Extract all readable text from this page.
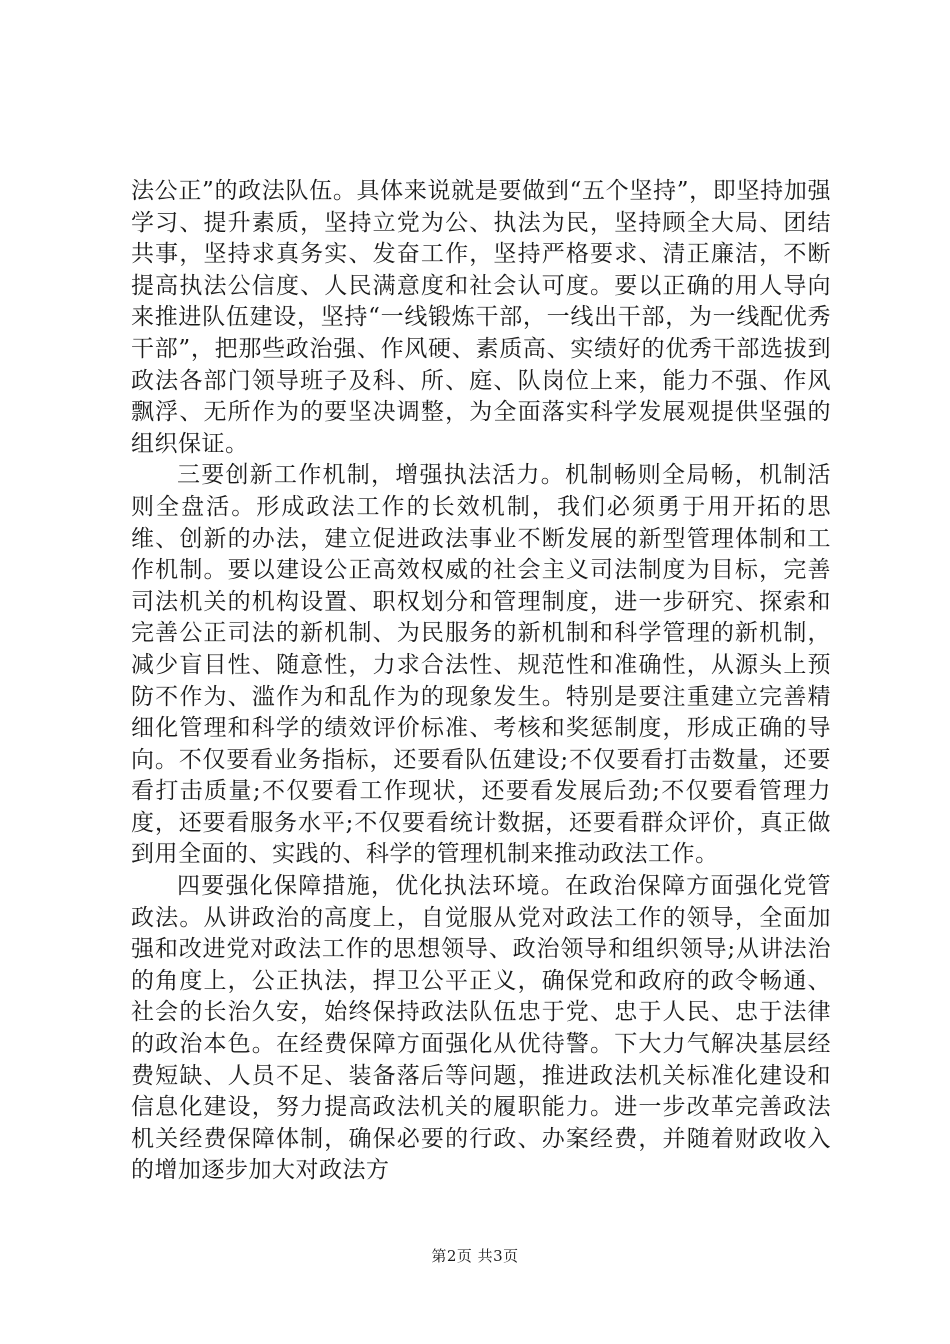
法公正”的政法队伍。具体来说就是要做到“五个坚持”，即坚持加强学习、提升素质，坚持立党为公、执法为民，坚持顾全大局、团结共事，坚持求真务实、发奋工作，坚持严格要求、清正廉洁，不断提高执法公信度、人民满意度和社会认可度。要以正确的用人导向来推进队伍建设，坚持“一线锻炼干部，一线出干部，为一线配优秀干部”，把那些政治强、作风硬、素质高、实绩好的优秀干部选拔到政法各部门领导班子及科、所、庭、队岗位上来，能力不强、作风飘浮、无所作为的要坚决调整，为全面落实科学发展观提供坚强的组织保证。

三要创新工作机制，增强执法活力。机制畅则全局畅，机制活则全盘活。形成政法工作的长效机制，我们必须勇于用开拓的思维、创新的办法，建立促进政法事业不断发展的新型管理体制和工作机制。要以建设公正高效权威的社会主义司法制度为目标，完善司法机关的机构设置、职权划分和管理制度，进一步研究、探索和完善公正司法的新机制、为民服务的新机制和科学管理的新机制，减少盲目性、随意性，力求合法性、规范性和准确性，从源头上预防不作为、滥作为和乱作为的现象发生。特别是要注重建立完善精细化管理和科学的绩效评价标准、考核和奖惩制度，形成正确的导向。不仅要看业务指标，还要看队伍建设;不仅要看打击数量，还要看打击质量;不仅要看工作现状，还要看发展后劲;不仅要看管理力度，还要看服务水平;不仅要看统计数据，还要看群众评价，真正做到用全面的、实践的、科学的管理机制来推动政法工作。

四要强化保障措施，优化执法环境。在政治保障方面强化党管政法。从讲政治的高度上，自觉服从党对政法工作的领导，全面加强和改进党对政法工作的思想领导、政治领导和组织领导;从讲法治的角度上，公正执法，捍卫公平正义，确保党和政府的政令畅通、社会的长治久安，始终保持政法队伍忠于党、忠于人民、忠于法律的政治本色。在经费保障方面强化从优待警。下大力气解决基层经费短缺、人员不足、装备落后等问题，推进政法机关标准化建设和信息化建设，努力提高政法机关的履职能力。进一步改革完善政法机关经费保障体制，确保必要的行政、办案经费，并随着财政收入的增加逐步加大对政法方

第2页 共3页
